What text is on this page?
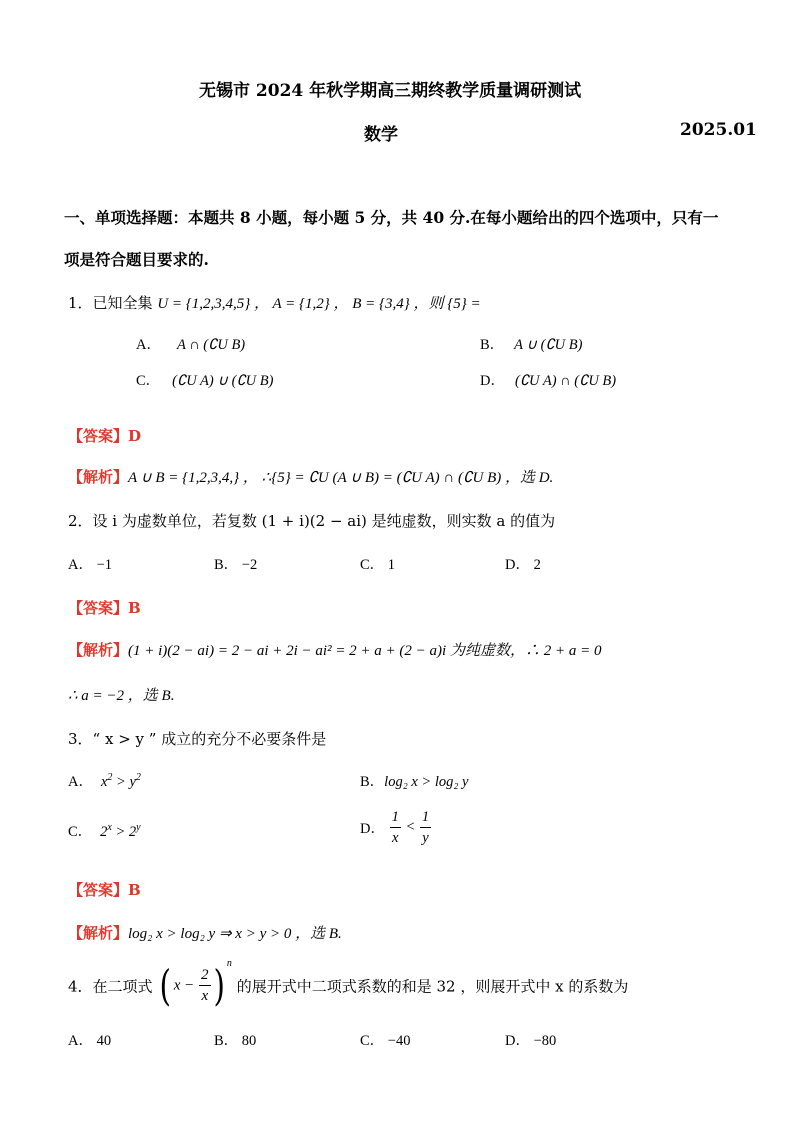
无锡市 2024 年秋学期高三期终教学质量调研测试
数学	2025.01
一、单项选择题：本题共 8 小题，每小题 5 分，共 40 分.在每小题给出的四个选项中，只有一
项是符合题目要求的.
1．已知全集 U = {1,2,3,4,5} ， A = {1,2} ， B = {3,4} ，则 {5} =
A． A ∩ (∁U B)	B． A ∪ (∁U B)
C． (∁U A) ∪ (∁U B)	D． (∁U A) ∩ (∁U B)
【答案】D
【解析】A ∪ B = {1,2,3,4,} ， ∴{5} = ∁U (A ∪ B) = (∁U A) ∩ (∁U B) ，选 D.
2．设 i 为虚数单位，若复数 (1 + i)(2 − ai) 是纯虚数，则实数 a 的值为
A． −1	B． −2	C． 1	D． 2
【答案】B
【解析】(1 + i)(2 − ai) = 2 − ai + 2i − ai² = 2 + a + (2 − a)i 为纯虚数，∴ 2 + a = 0
∴ a = −2 ，选 B.
3．“ x > y ” 成立的充分不必要条件是
A． $x^2 > y^2$	B．log₂ x > log₂ y
C． $2^x > 2^y$	D． $\frac{1}{x} < \frac{1}{y}$
【答案】B
【解析】log₂ x > log₂ y ⇒ x > y > 0 ，选 B.
4．在二项式 ( $x - \frac{2}{x}$ ) $^n$ 的展开式中二项式系数的和是 32 ，则展开式中 x 的系数为
A． 40	B． 80	C． −40	D． −80
